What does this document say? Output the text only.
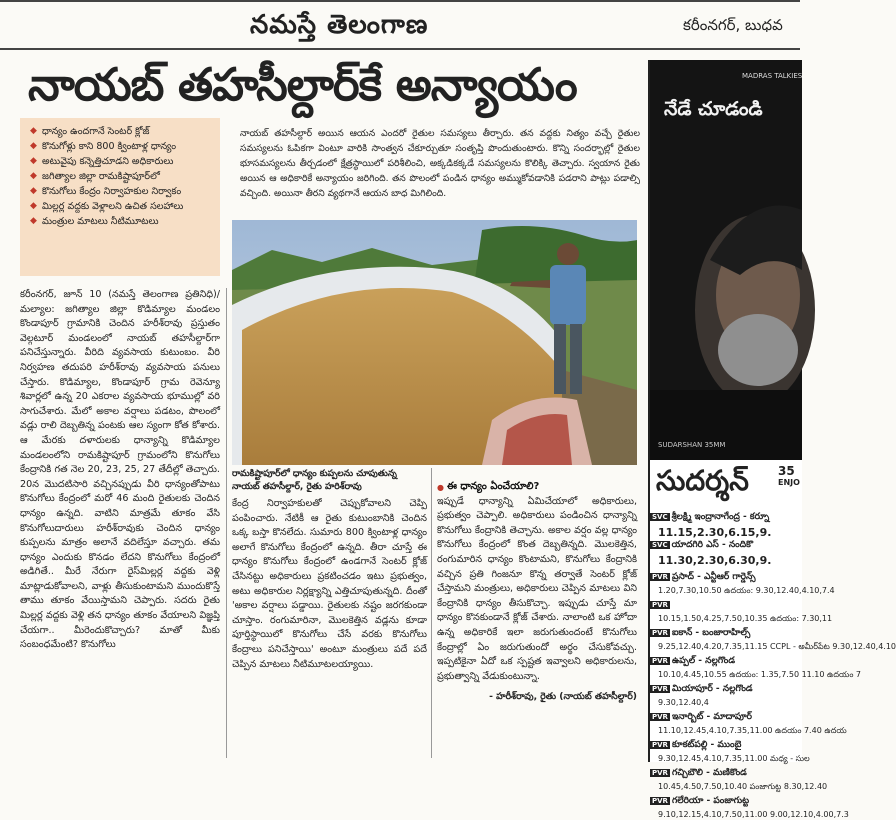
నమస్తే తెలంగాణ	కరీంనగర్, బుధవ
నాయబ్ తహసీల్దార్‌కే అన్యాయం
◆ ధాన్యం ఉందగానే సెంటర్ క్లోజ్
◆ కొనుగోళ్లు కాని 800 క్వింటాళ్ల ధాన్యం
◆ అటువైపు కన్నెత్తిచూడని అధికారులు
◆ జగిత్యాల జిల్లా రామకిష్టాపూర్‌లో
◆ కొనుగోలు కేంద్రం నిర్వాహకుల నిర్వాకం
◆ మిల్లర్ల వద్దకు వెళ్లాలని ఉచిత సలహాలు
◆ మంత్రుల మాటలు నీటిమూటలు

నాయబ్ తహసీల్దార్ అయిన ఆయన ఎందరో రైతుల సమస్యలు తీర్చారు. తన వద్దకు నిత్యం వచ్చే రైతుల సమస్యలను ఓపికగా వింటూ వారికి సాంత్వన చేకూర్చుతూ సంతృప్తి పొందుతుంటారు. కొన్ని సందర్భాల్లో రైతుల భూసమస్యలను తీర్చడంలో క్షేత్రస్థాయిలో పరిశీలించి, అక్కడికక్కడే సమస్యలను కొలిక్కి తెచ్చారు. స్వయాన రైతు అయిన ఆ అధికారికే అన్యాయం జరిగింది. తన పొలంలో పండిన ధాన్యం అమ్ముకోవడానికి పడరాని పాట్లు పడాల్సి వచ్చింది. అయినా తీరని వ్యథగానే ఆయన బాధ మిగిలింది.

రామకిష్టాపూర్‌లో ధాన్యం కుప్పలను చూపుతున్న
నాయబ్ తహసీల్దార్, రైతు హరిశ్‌రావు

కరీంనగర్, జూన్ 10 (నమస్తే తెలంగాణ ప్రతినిధి)/మల్యాల: జగిత్యాల జిల్లా కొడిమ్యాల మండలం కొండాపూర్ గ్రామానికి చెందిన హరీశ్‌రావు ప్రస్తుతం వెల్గటూర్ మండలంలో నాయబ్ తహసీల్దార్‌గా పనిచేస్తున్నారు. వీరిది వ్యవసాయ కుటుంబం. వీరి నిర్వహణ తదుపరి హరీశ్‌రావు వ్యవసాయ పనులు చేస్తారు. కొడిమ్యాల, కొండాపూర్ గ్రామ రెవెన్యూ శివార్లలో ఉన్న 20 ఎకరాల వ్యవసాయ భూముల్లో వరి సాగుచేశారు. మేలో అకాల వర్షాలు పడటం, పొలంలో వడ్లు రాలి దెబ్బతిన్న పంటకు ఆల స్యంగా కోత కోశారు. ఆ మేరకు దళారులకు ధాన్యాన్ని కొడిమ్యాల మండలంలోని రామకిష్టాపూర్ గ్రామంలోని కొనుగోలు కేంద్రానికి గత నెల 20, 23, 25, 27 తేదీల్లో తెచ్చారు. 20న మొదటిసారి వచ్చినప్పుడు వీరి ధాన్యంతోపాటు కొనుగోలు కేంద్రంలో మరో 46 మంది రైతులకు చెందిన ధాన్యం ఉన్నది. వాటిని మాత్రమే తూకం వేసి కొనుగోలుదారులు హరీశ్‌రావుకు చెందిన ధాన్యం కుప్పలను మాత్రం అలానే వదిలేస్తూ వచ్చారు. తమ ధాన్యం ఎందుకు కొనడం లేదని కొనుగోలు కేంద్రంలో అడిగితే.. మీరే నేరుగా రైస్‌మిల్లర్ల వద్దకు వెళ్లి మాట్లాడుకోవాలని, వాళ్లు తీసుకుంటామని ముందుకొస్తే తాము తూకం వేయిస్తామని చెప్పారు. సదరు రైతు మిల్లర్ల వద్దకు వెళ్లి తన ధాన్యం తూకం వేయాలని విజ్ఞప్తి చేయగా.. మీరెందుకొచ్చారు? మాతో మీకు సంబంధమేంటి? కొనుగోలు

కేంద్ర నిర్వాహకులతో చెప్పుకోవాలని చెప్పి పంపించారు. నేటికీ ఆ రైతు కుటుంబానికి చెందిన ఒక్క బస్తా కొనలేదు. సుమారు 800 క్వింటాళ్ల ధాన్యం అలాగే కొనుగోలు కేంద్రంలో ఉన్నది. తీరా చూస్తే ఈ ధాన్యం కొనుగోలు కేంద్రంలో ఉండగానే సెంటర్ క్లోజ్ చేసినట్టు అధికారులు ప్రకటించడం ఇటు ప్రభుత్వం, అటు అధికారుల నిర్లక్ష్యాన్ని ఎత్తిచూపుతున్నది. దీంతో 'అకాల వర్షాలు పడ్డాయి. రైతులకు నష్టం జరగకుండా చూస్తాం. రంగుమారినా, మొలకెత్తిన వడ్లను కూడా పూర్తిస్థాయిలో కొనుగోలు చేసే వరకు కొనుగోలు కేంద్రాలు పనిచేస్తాయి' అంటూ మంత్రులు పదే పదే చెప్పిన మాటలు నీటిమూటలయ్యాయి.

● ఈ ధాన్యం ఏంచేయాలి?

ఇప్పుడే ధాన్యాన్ని ఏమిచేయాలో అధికారులు, ప్రభుత్వం చెప్పాలి. అధికారులు పండించిన ధాన్యాన్ని కొనుగోలు కేంద్రానికి తెచ్చాను. అకాల వర్షం వల్ల ధాన్యం కొనుగోలు కేంద్రంలో కొంత దెబ్బతిన్నది. మొలకెత్తిన, రంగుమారిన ధాన్యం కొంటామని, కొనుగోలు కేంద్రానికి వచ్చిన ప్రతి గింజనూ కొన్న తర్వాతే సెంటర్ క్లోజ్ చేస్తామని మంత్రులు, అధికారులు చెప్పిన మాటలు విని కేంద్రానికి ధాన్యం తీసుకొచ్చా. ఇప్పుడు చూస్తే మా ధాన్యం కొనకుండానే క్లోజ్ చేశారు. నాలాంటి ఒక హోదా ఉన్న అధికారికే ఇలా జరుగుతుందంటే కొనుగోలు కేంద్రాల్లో ఏం జరుగుతుందో అర్థం చేసుకోవచ్చు. ఇప్పటికైనా ఏదో ఒక స్పష్టత ఇవ్వాలని అధికారులను, ప్రభుత్వాన్ని వేడుకుంటున్నా.

- హరీశ్‌రావు, రైతు (నాయబ్ తహసీల్దార్)
MADRAS TALKIES
నేడే చూడండి
SUDARSHAN 35MM
సుదర్శన్ 35
ENJO
SVC శ్రీలక్ష్మి ఇంద్రానాగేంద్ర - కర్నూ
11.15,2.30,6.15,9.
SVC యాదగిరి ఎస్ - నందికొ
11.30,2.30,6.30,9.
PVR ప్రసాద్ - ఎన్టీఆర్ గార్డెన్స్
1.20,7.30,10.50 ఉదయం: 9.30,12.40,4.10,7.4
PVR
10.15,1.50,4.25,7.50,10.35 ఉదయం: 7.30,11
PVR ఐకాన్ - బంజారాహిల్స్
9.25,12.40,4.20,7.35,11.15 CCPL - అమీర్‌పేట 9.30,12.40,4.10
PVR ఉప్పల్ - నల్లగొండ
10.10,4.45,10.55 ఉదయం: 1.35,7.50 11.10 ఉదయం 7
PVR మియాపూర్ - నల్లగొండ
9.30,12.40,4
PVR ఇనార్బిట్ - మాదాపూర్
11.10,12.45,4.10,7.35,11.00 ఉదయం 7.40 ఉదయ
PVR కూకట్‌పల్లి - ముంబై
9.30,12.45,4.10,7.35,11.00 మధ్య - సుల
PVR గచ్చిబౌలి - మణికొండ
10.45,4.50,7.50,10.40 పంజాగుట్ట 8.30,12.40
PVR గలేరియా - పంజాగుట్ట
9.10,12.15,4.10,7.50,11.00 9.00,12.10,4.00,7.3
